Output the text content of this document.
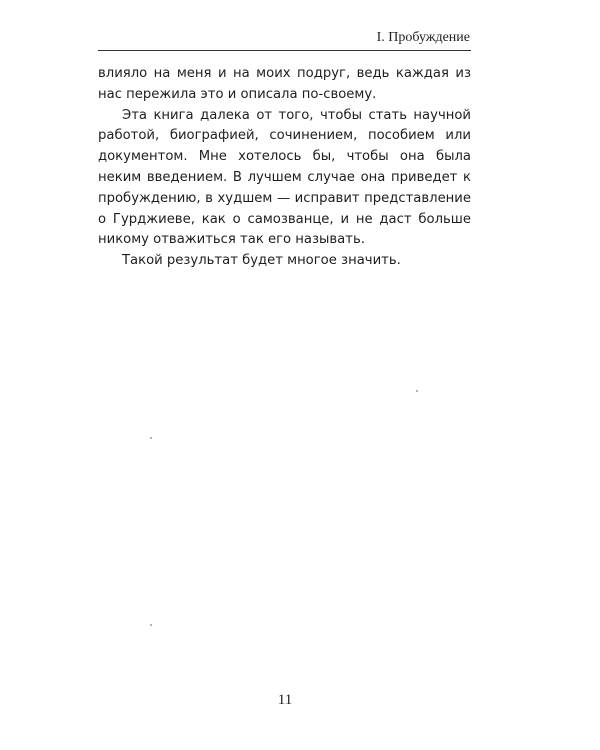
I. Пробуждение

влияло на меня и на моих подруг, ведь каждая из нас пережила это и описала по-своему.

Эта книга далека от того, чтобы стать научной работой, биографией, сочинением, пособием или документом. Мне хотелось бы, чтобы она была неким введением. В лучшем случае она приведет к пробуждению, в худшем — исправит представление о Гурджиеве, как о самозванце, и не даст больше никому отважиться так его называть.

Такой результат будет многое значить.

11
